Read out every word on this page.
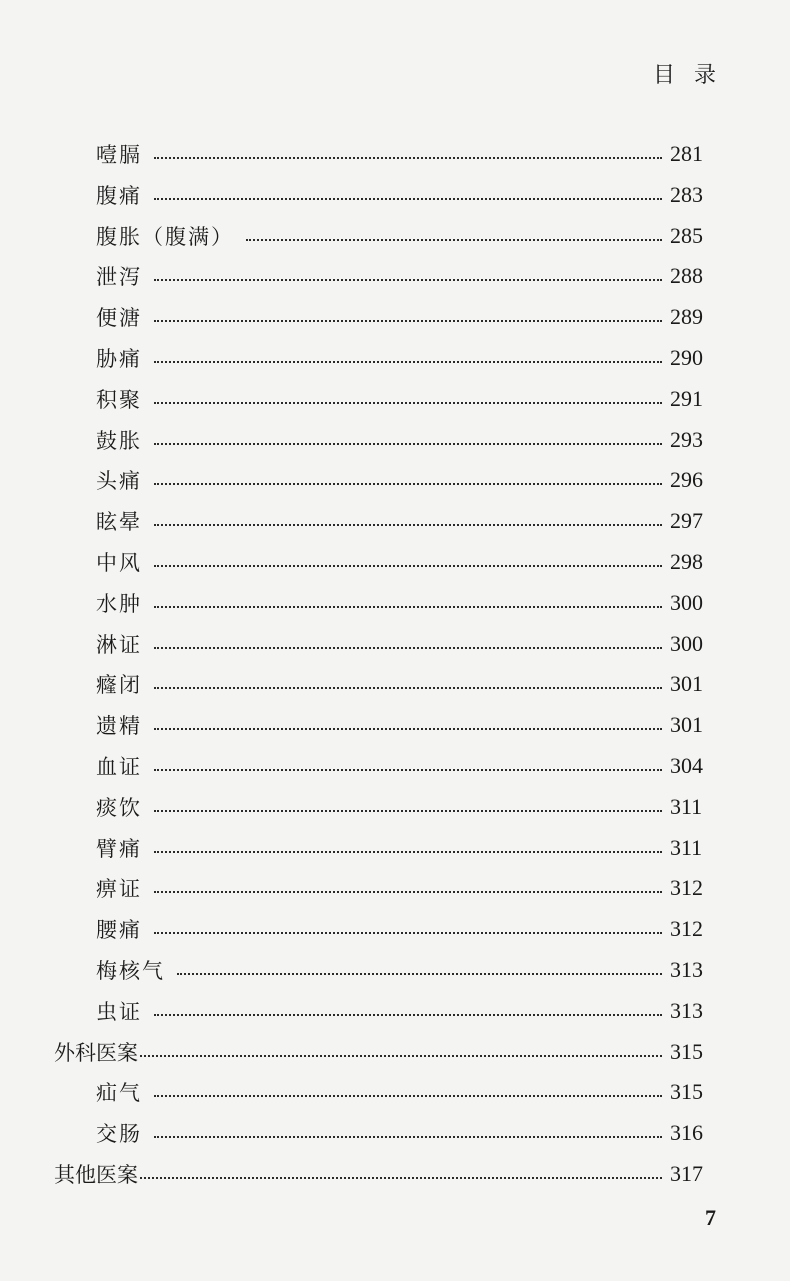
目 录
噎膈	281
腹痛	283
腹胀（腹满）	285
泄泻	288
便溏	289
胁痛	290
积聚	291
鼓胀	293
头痛	296
眩晕	297
中风	298
水肿	300
淋证	300
癃闭	301
遗精	301
血证	304
痰饮	311
臂痛	311
痹证	312
腰痛	312
梅核气	313
虫证	313
外科医案	315
疝气	315
交肠	316
其他医案	317
7
